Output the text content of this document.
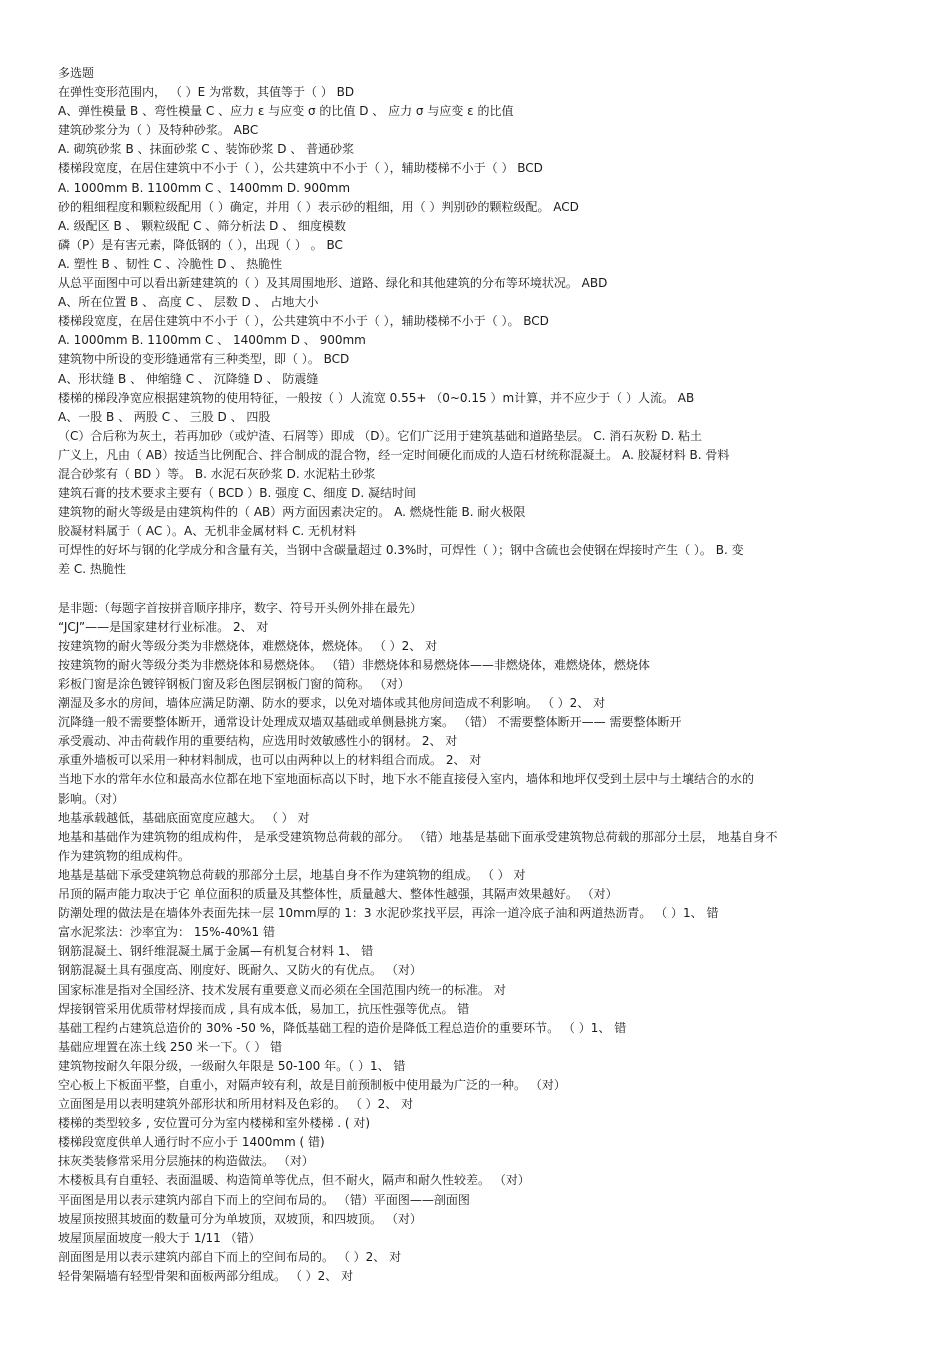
多选题
在弹性变形范围内， （ ）E 为常数，其值等于（ ） BD
A、弹性模量 B 、弯性模量 C 、应力 ε 与应变 σ 的比值 D 、 应力 σ 与应变 ε 的比值
建筑砂浆分为（ ）及特种砂浆。 ABC
A. 砌筑砂浆 B 、抹面砂浆 C 、装饰砂浆 D 、 普通砂浆
楼梯段宽度，在居住建筑中不小于（ ），公共建筑中不小于（ ），辅助楼梯不小于（ ） BCD
A. 1000mm B. 1100mm C 、1400mm D. 900mm
砂的粗细程度和颗粒级配用（ ）确定，并用（ ）表示砂的粗细，用（ ）判别砂的颗粒级配。 ACD
A. 级配区 B 、 颗粒级配 C 、筛分析法 D 、 细度模数
磷（P）是有害元素，降低钢的（ ），出现（ ） 。 BC
A. 塑性 B 、韧性 C 、冷脆性 D 、 热脆性
从总平面图中可以看出新建建筑的（ ）及其周围地形、道路、绿化和其他建筑的分布等环境状况。 ABD
A、所在位置 B 、 高度 C 、 层数 D 、 占地大小
楼梯段宽度，在居住建筑中不小于（ ），公共建筑中不小于（ ），辅助楼梯不小于（ ）。 BCD
A. 1000mm B. 1100mm C 、 1400mm D 、 900mm
建筑物中所设的变形缝通常有三种类型，即（ ）。 BCD
A、形状缝 B 、 伸缩缝 C 、 沉降缝 D 、 防震缝
楼梯的梯段净宽应根据建筑物的使用特征，一般按（ ）人流宽 0.55+ （0~0.15 ）m计算，并不应少于（ ）人流。 AB
A、一股 B 、 两股 C 、 三股 D 、 四股
（C）合后称为灰土，若再加砂（或炉渣、石屑等）即成 （D）。它们广泛用于建筑基础和道路垫层。 C. 消石灰粉 D. 粘土
广义上，凡由（ AB）按适当比例配合、拌合制成的混合物，经一定时间硬化而成的人造石材统称混凝土。 A. 胶凝材料 B. 骨料
混合砂浆有（ BD ）等。 B. 水泥石灰砂浆 D. 水泥粘土砂浆
建筑石膏的技术要求主要有（ BCD ）B. 强度 C、细度 D. 凝结时间
建筑物的耐火等级是由建筑构件的（ AB）两方面因素决定的。 A. 燃烧性能 B. 耐火极限
胶凝材料属于（ AC ）。A、无机非金属材料 C. 无机材料
可焊性的好坏与钢的化学成分和含量有关，当钢中含碳量超过 0.3%时，可焊性（ ）；钢中含硫也会使钢在焊接时产生（ ）。 B. 变
差 C. 热脆性
是非题:（每题字首按拼音顺序排序，数字、符号开头例外排在最先）
“JCJ”——是国家建材行业标准。 2、 对
按建筑物的耐火等级分类为非燃烧体，难燃烧体，燃烧体。 （ ）2、 对
按建筑物的耐火等级分类为非燃烧体和易燃烧体。 （错）非燃烧体和易燃烧体——非燃烧体，难燃烧体，燃烧体
彩板门窗是涂色镀锌钢板门窗及彩色图层钢板门窗的简称。 （对）
潮湿及多水的房间，墙体应满足防潮、防水的要求，以免对墙体或其他房间造成不利影响。 （ ）2、 对
沉降缝一般不需要整体断开，通常设计处理成双墙双基础或单侧悬挑方案。 （错） 不需要整体断开—— 需要整体断开
承受震动、冲击荷载作用的重要结构，应选用时效敏感性小的钢材。 2、 对
承重外墙板可以采用一种材料制成，也可以由两种以上的材料组合而成。 2、 对
当地下水的常年水位和最高水位都在地下室地面标高以下时，地下水不能直接侵入室内，墙体和地坪仅受到土层中与土壤结合的水的
影响。（对）
地基承载越低，基础底面宽度应越大。 （ ） 对
地基和基础作为建筑物的组成构件， 是承受建筑物总荷载的部分。 （错）地基是基础下面承受建筑物总荷载的那部分土层， 地基自身不
作为建筑物的组成构件。
地基是基础下承受建筑物总荷载的那部分土层，地基自身不作为建筑物的组成。 （ ） 对
吊顶的隔声能力取决于它 单位面积的质量及其整体性，质量越大、整体性越强，其隔声效果越好。 （对）
防潮处理的做法是在墙体外表面先抹一层 10mm厚的 1：3 水泥砂浆找平层，再涂一道冷底子油和两道热沥青。 （ ）1、 错
富水泥浆法：沙率宜为： 15%-40%1 错
钢筋混凝土、钢纤维混凝土属于金属—有机复合材料 1、 错
钢筋混凝土具有强度高、刚度好、既耐久、又防火的有优点。 （对）
国家标准是指对全国经济、技术发展有重要意义而必须在全国范围内统一的标准。 对
焊接钢管采用优质带材焊接而成 , 具有成本低，易加工，抗压性强等优点。 错
基础工程约占建筑总造价的 30% -50 %，降低基础工程的造价是降低工程总造价的重要环节。 （ ）1、 错
基础应埋置在冻土线 250 米一下。（ ） 错
建筑物按耐久年限分级，一级耐久年限是 50-100 年。（ ）1、 错
空心板上下板面平整，自重小，对隔声较有利，故是目前预制板中使用最为广泛的一种。 （对）
立面图是用以表明建筑外部形状和所用材料及色彩的。 （ ）2、 对
楼梯的类型较多 , 安位置可分为室内楼梯和室外楼梯 . ( 对)
楼梯段宽度供单人通行时不应小于 1400mm ( 错)
抹灰类装修常采用分层施抹的构造做法。 （对）
木楼板具有自重轻、表面温暖、构造简单等优点，但不耐火，隔声和耐久性较差。 （对）
平面图是用以表示建筑内部自下而上的空间布局的。 （错）平面图——剖面图
坡屋顶按照其坡面的数量可分为单坡顶，双坡顶，和四坡顶。 （对）
坡屋顶屋面坡度一般大于 1/11 （错）
剖面图是用以表示建筑内部自下而上的空间布局的。 （ ）2、 对
轻骨架隔墙有轻型骨架和面板两部分组成。 （ ）2、 对
